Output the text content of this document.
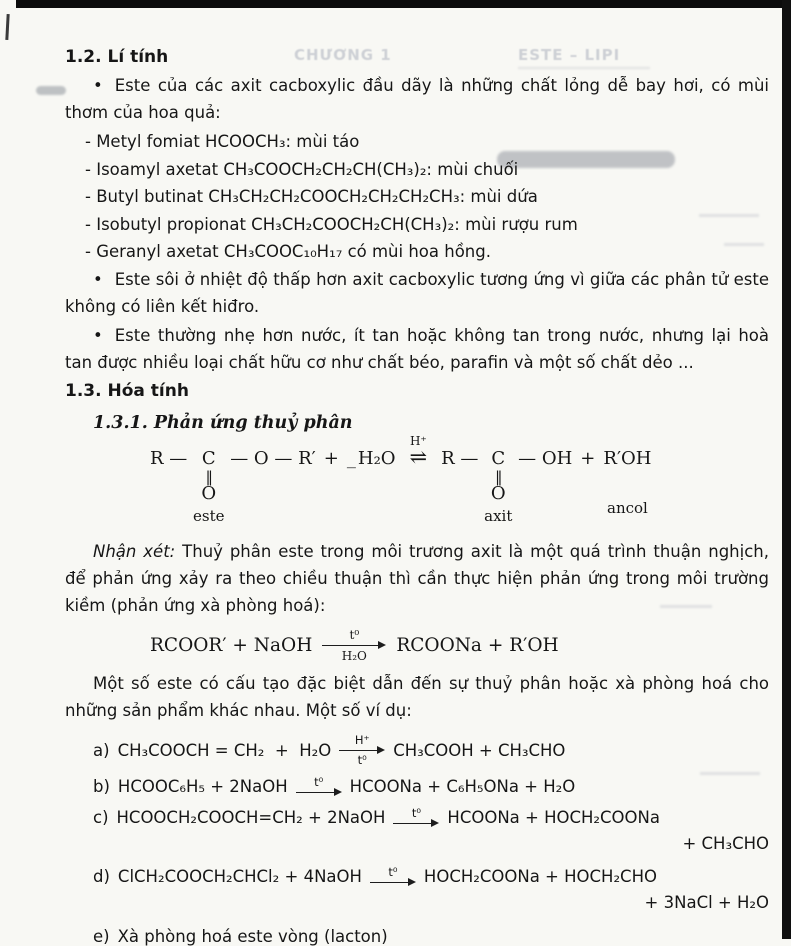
CHƯƠNG 1	ESTE – LIPI
1.2. Lí tính

• Este của các axit cacboxylic đầu dãy là những chất lỏng dễ bay hơi, có mùi thơm của hoa quả:

- Metyl fomiat HCOOCH₃: mùi táo
- Isoamyl axetat CH₃COOCH₂CH₂CH(CH₃)₂: mùi chuối
- Butyl butinat CH₃CH₂CH₂COOCH₂CH₂CH₂CH₃: mùi dứa
- Isobutyl propionat CH₃CH₂COOCH₂CH(CH₃)₂: mùi rượu rum
- Geranyl axetat CH₃COOC₁₀H₁₇ có mùi hoa hồng.

• Este sôi ở nhiệt độ thấp hơn axit cacboxylic tương ứng vì giữa các phân tử este không có liên kết hiđro.

• Este thường nhẹ hơn nước, ít tan hoặc không tan trong nước, nhưng lại hoà tan được nhiều loại chất hữu cơ như chất béo, parafin và một số chất dẻo ...

1.3. Hóa tính
1.3.1. Phản ứng thuỷ phân
R — C
‖
O
este
— O — R′ + _ H₂O
H⁺
⇌ R — C
‖
O
axit
— OH + R′OH
ancol

Nhận xét: Thuỷ phân este trong môi trương axit là một quá trình thuận nghịch, để phản ứng xảy ra theo chiều thuận thì cần thực hiện phản ứng trong môi trường kiềm (phản ứng xà phòng hoá):

RCOOR′ + NaOH	t⁰
H₂O RCOONa + R′OH

Một số este có cấu tạo đặc biệt dẫn đến sự thuỷ phân hoặc xà phòng hoá cho những sản phẩm khác nhau. Một số ví dụ:

a) CH₃COOCH = CH₂  +  H₂O
H⁺
t⁰ CH₃COOH + CH₃CHO
b) HCOOC₆H₅ + 2NaOH t⁰ HCOONa + C₆H₅ONa + H₂O
c) HCOOCH₂COOCH=CH₂ + 2NaOH t⁰ HCOONa + HOCH₂COONa
+ CH₃CHO
d) ClCH₂COOCH₂CHCl₂ + 4NaOH t⁰ HOCH₂COONa + HOCH₂CHO
+ 3NaCl + H₂O
e) Xà phòng hoá este vòng (lacton)
